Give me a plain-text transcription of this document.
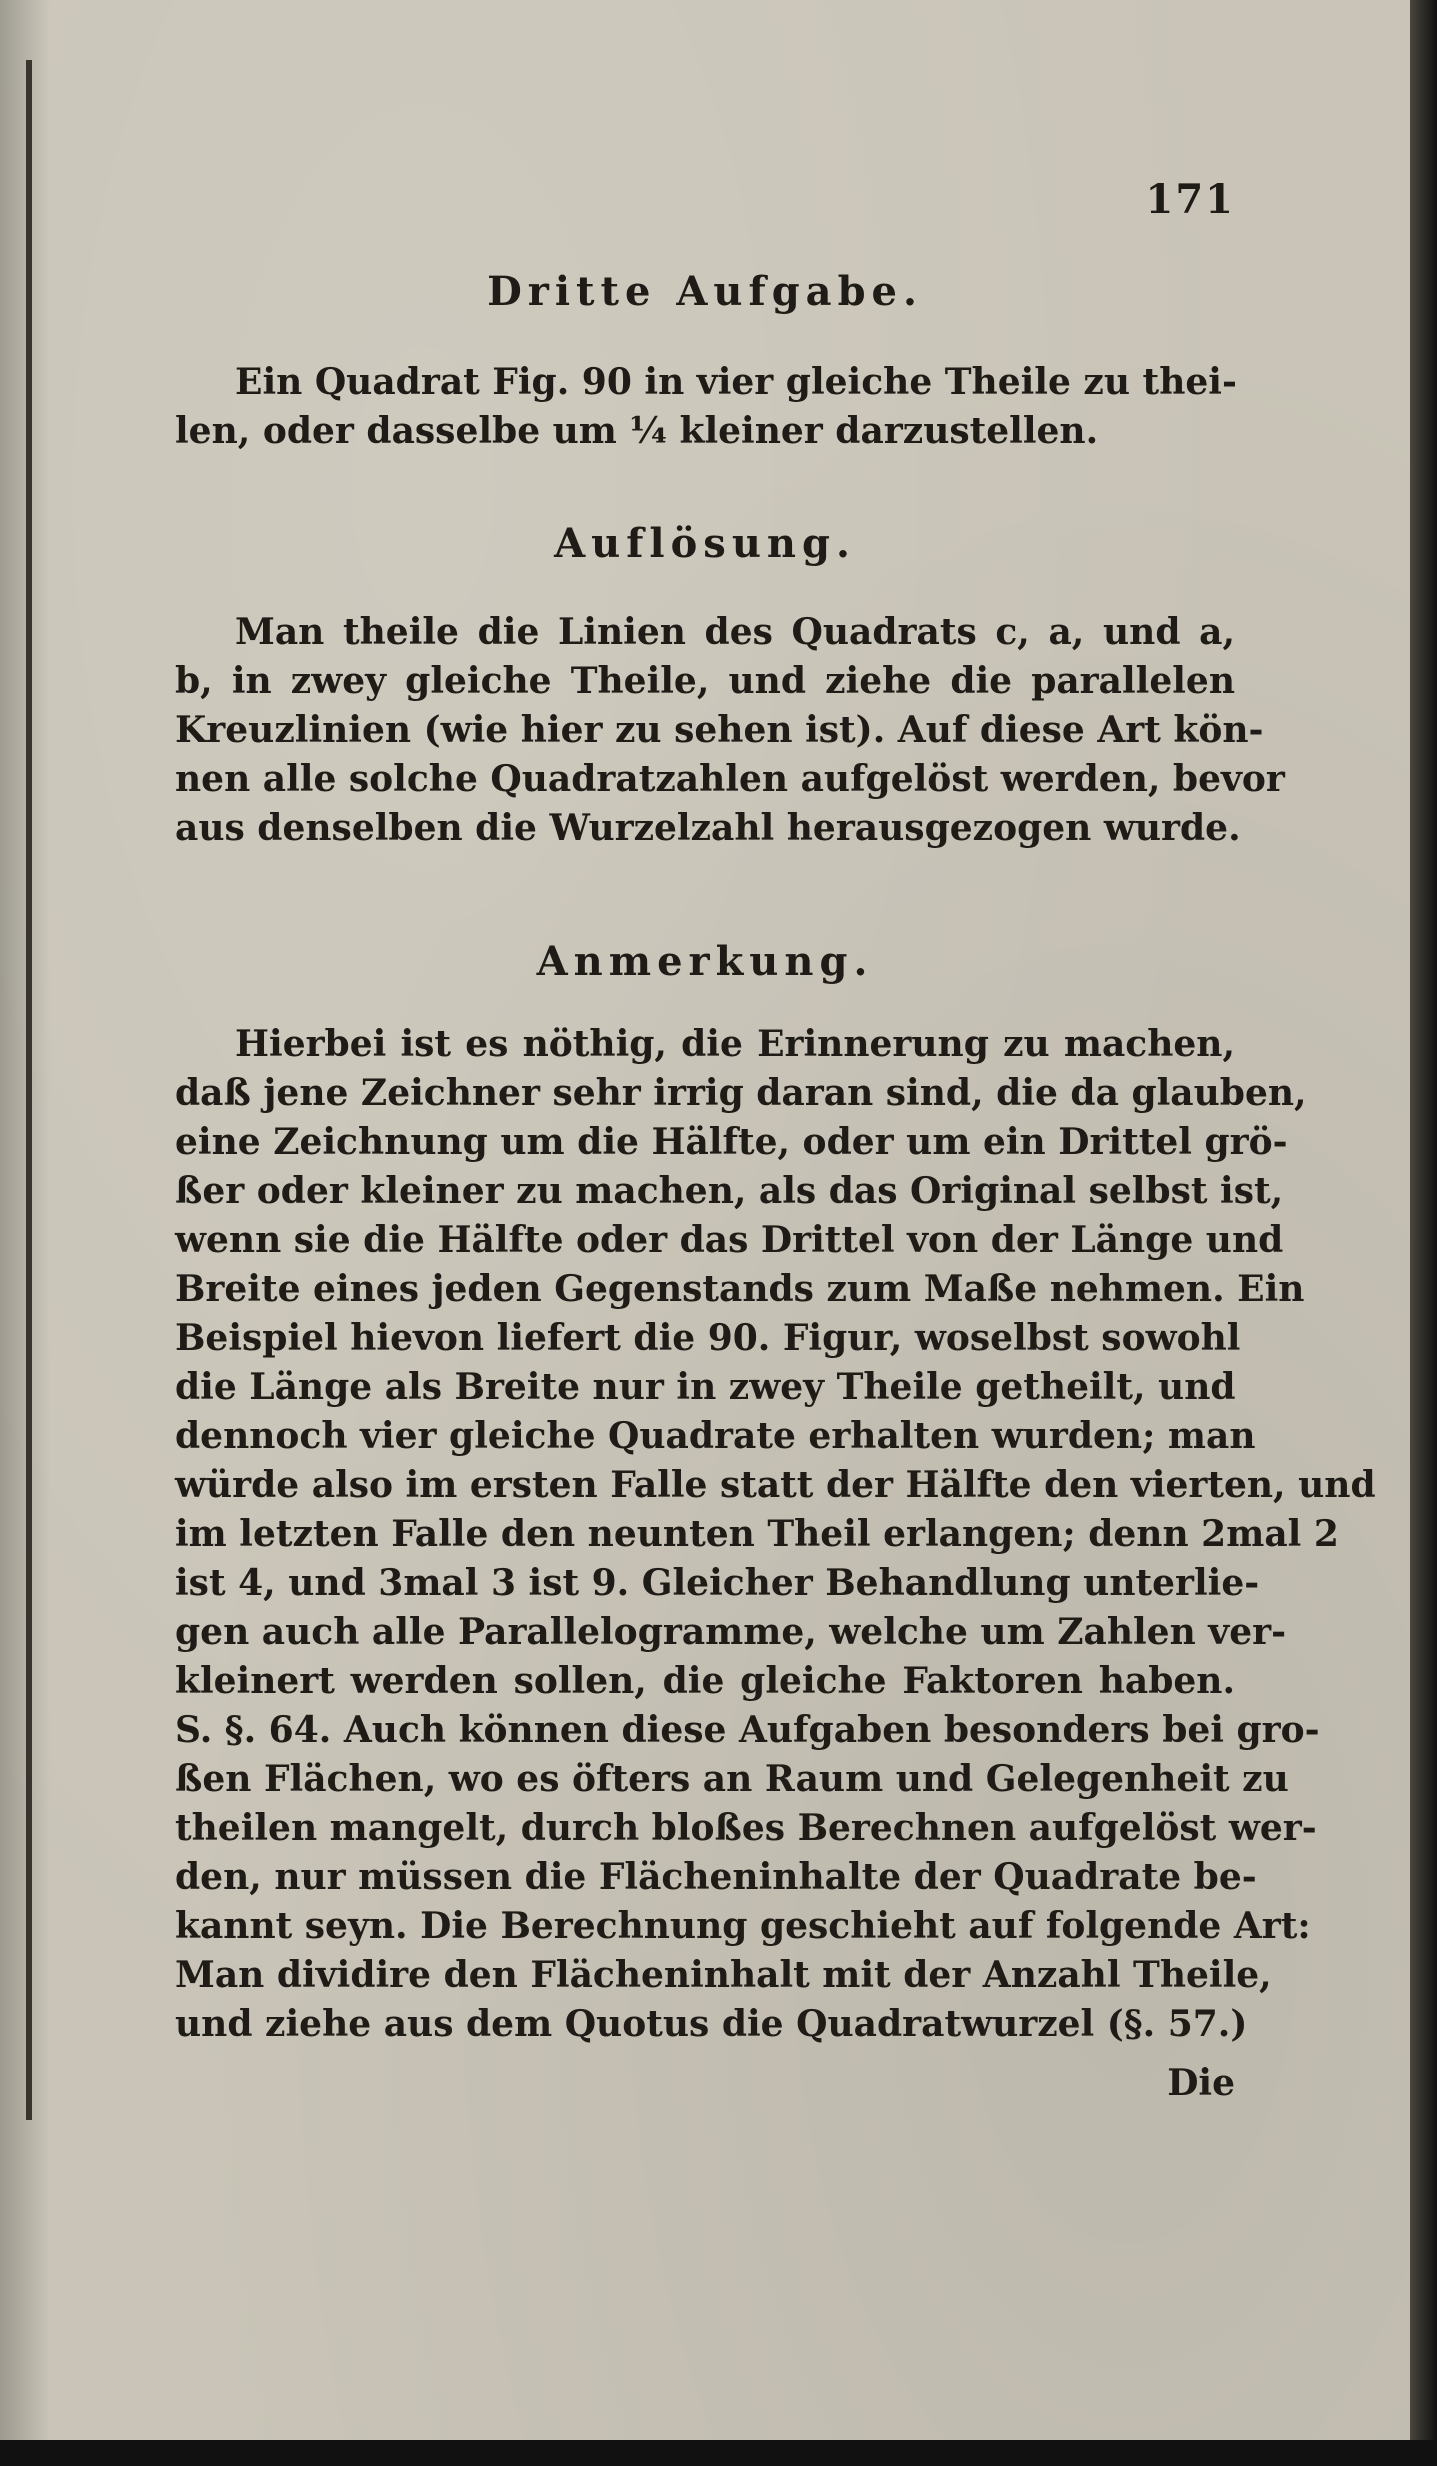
171
Dritte Aufgabe.
Ein Quadrat Fig. 90 in vier gleiche Theile zu thei-
len, oder dasselbe um ¼ kleiner darzustellen.
Auflösung.
Man theile die Linien des Quadrats c, a, und a,
b, in zwey gleiche Theile, und ziehe die parallelen
Kreuzlinien (wie hier zu sehen ist). Auf diese Art kön-
nen alle solche Quadratzahlen aufgelöst werden, bevor
aus denselben die Wurzelzahl herausgezogen wurde.
Anmerkung.
Hierbei ist es nöthig, die Erinnerung zu machen,
daß jene Zeichner sehr irrig daran sind, die da glauben,
eine Zeichnung um die Hälfte, oder um ein Drittel grö-
ßer oder kleiner zu machen, als das Original selbst ist,
wenn sie die Hälfte oder das Drittel von der Länge und
Breite eines jeden Gegenstands zum Maße nehmen. Ein
Beispiel hievon liefert die 90. Figur, woselbst sowohl
die Länge als Breite nur in zwey Theile getheilt, und
dennoch vier gleiche Quadrate erhalten wurden; man
würde also im ersten Falle statt der Hälfte den vierten, und
im letzten Falle den neunten Theil erlangen; denn 2mal 2
ist 4, und 3mal 3 ist 9. Gleicher Behandlung unterlie-
gen auch alle Parallelogramme, welche um Zahlen ver-
kleinert werden sollen, die gleiche Faktoren haben.
S. §. 64. Auch können diese Aufgaben besonders bei gro-
ßen Flächen, wo es öfters an Raum und Gelegenheit zu
theilen mangelt, durch bloßes Berechnen aufgelöst wer-
den, nur müssen die Flächeninhalte der Quadrate be-
kannt seyn. Die Berechnung geschieht auf folgende Art:
Man dividire den Flächeninhalt mit der Anzahl Theile,
und ziehe aus dem Quotus die Quadratwurzel (§. 57.)
Die
